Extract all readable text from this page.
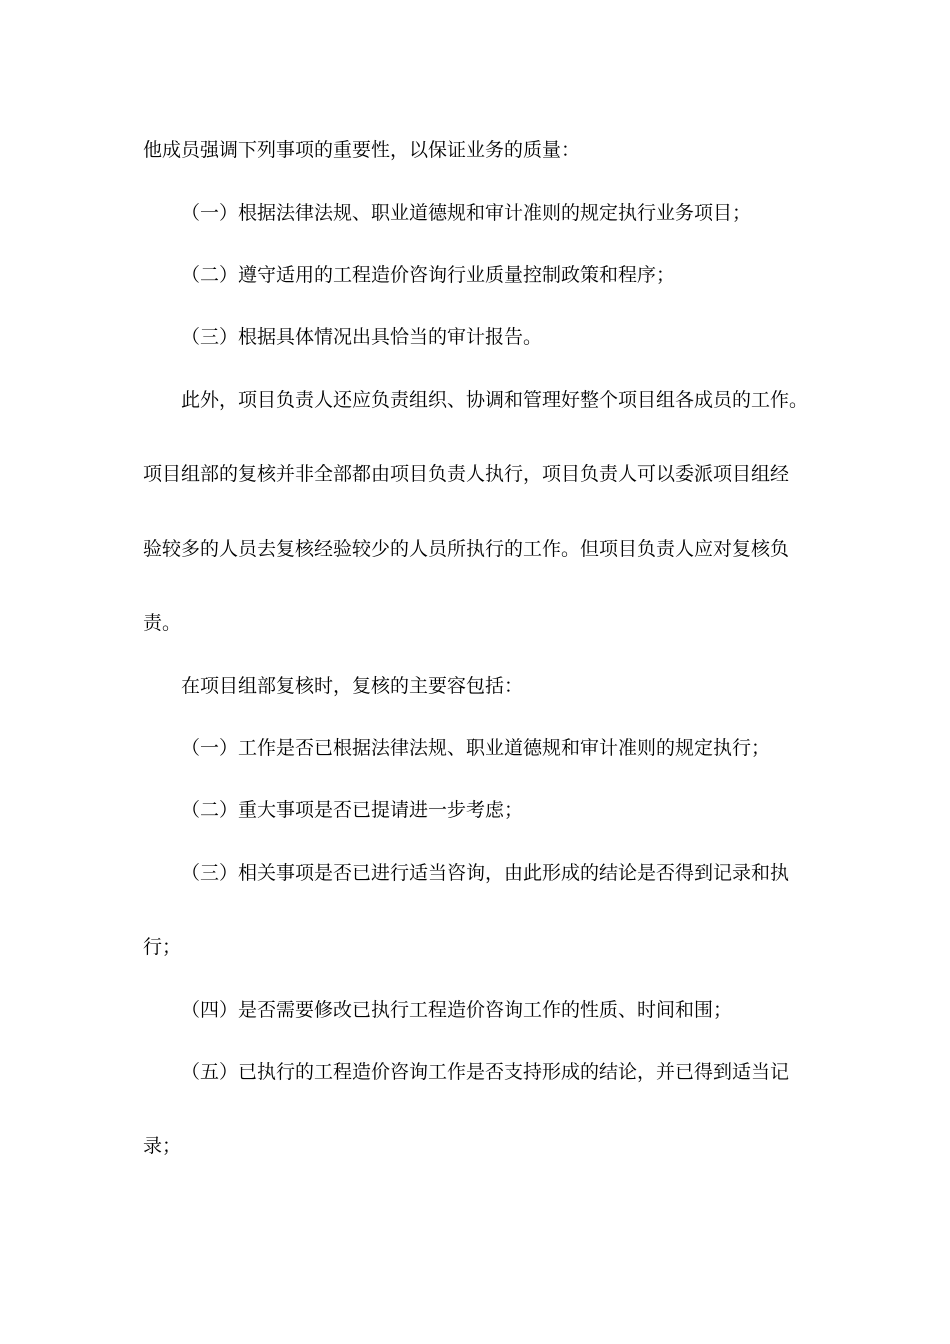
他成员强调下列事项的重要性，以保证业务的质量：
（一）根据法律法规、职业道德规和审计准则的规定执行业务项目；
（二）遵守适用的工程造价咨询行业质量控制政策和程序；
（三）根据具体情况出具恰当的审计报告。
此外，项目负责人还应负责组织、协调和管理好整个项目组各成员的工作。
项目组部的复核并非全部都由项目负责人执行，项目负责人可以委派项目组经
验较多的人员去复核经验较少的人员所执行的工作。但项目负责人应对复核负
责。
在项目组部复核时，复核的主要容包括：
（一）工作是否已根据法律法规、职业道德规和审计准则的规定执行；
（二）重大事项是否已提请进一步考虑；
（三）相关事项是否已进行适当咨询，由此形成的结论是否得到记录和执
行；
（四）是否需要修改已执行工程造价咨询工作的性质、时间和围；
（五）已执行的工程造价咨询工作是否支持形成的结论，并已得到适当记
录；
